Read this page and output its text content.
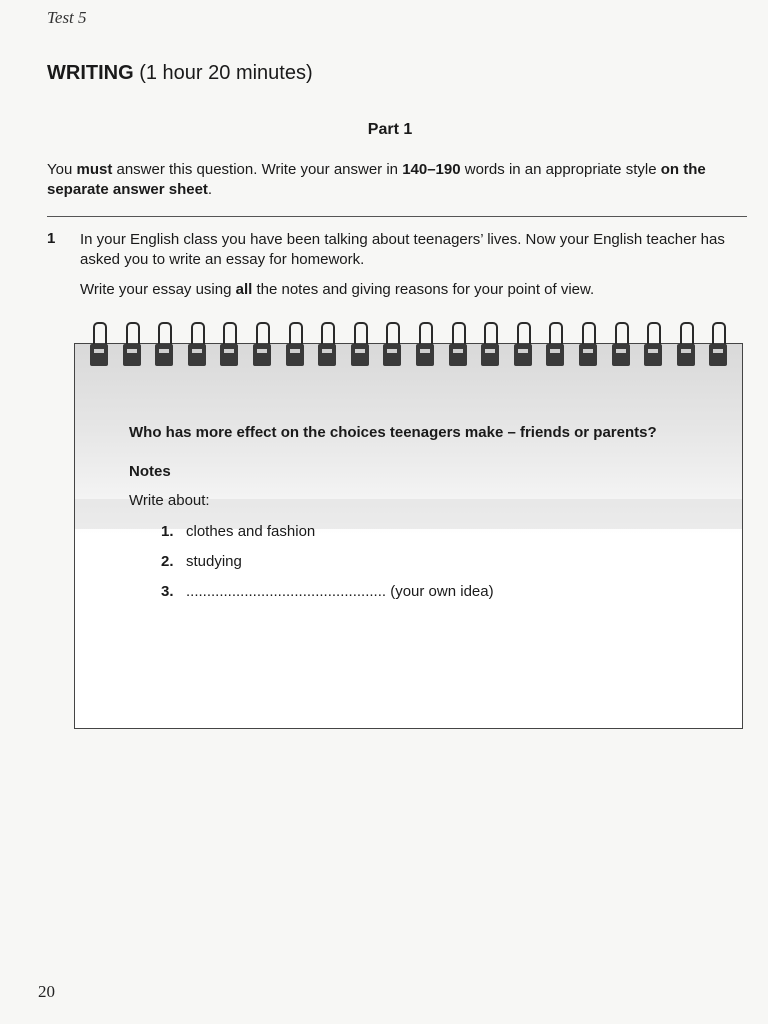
Test 5
WRITING (1 hour 20 minutes)
Part 1
You must answer this question. Write your answer in 140–190 words in an appropriate style on the separate answer sheet.
1 In your English class you have been talking about teenagers’ lives. Now your English teacher has asked you to write an essay for homework.
Write your essay using all the notes and giving reasons for your point of view.
Who has more effect on the choices teenagers make – friends or parents?
Notes
Write about:
1. clothes and fashion
2. studying
3. ................................................ (your own idea)
20
